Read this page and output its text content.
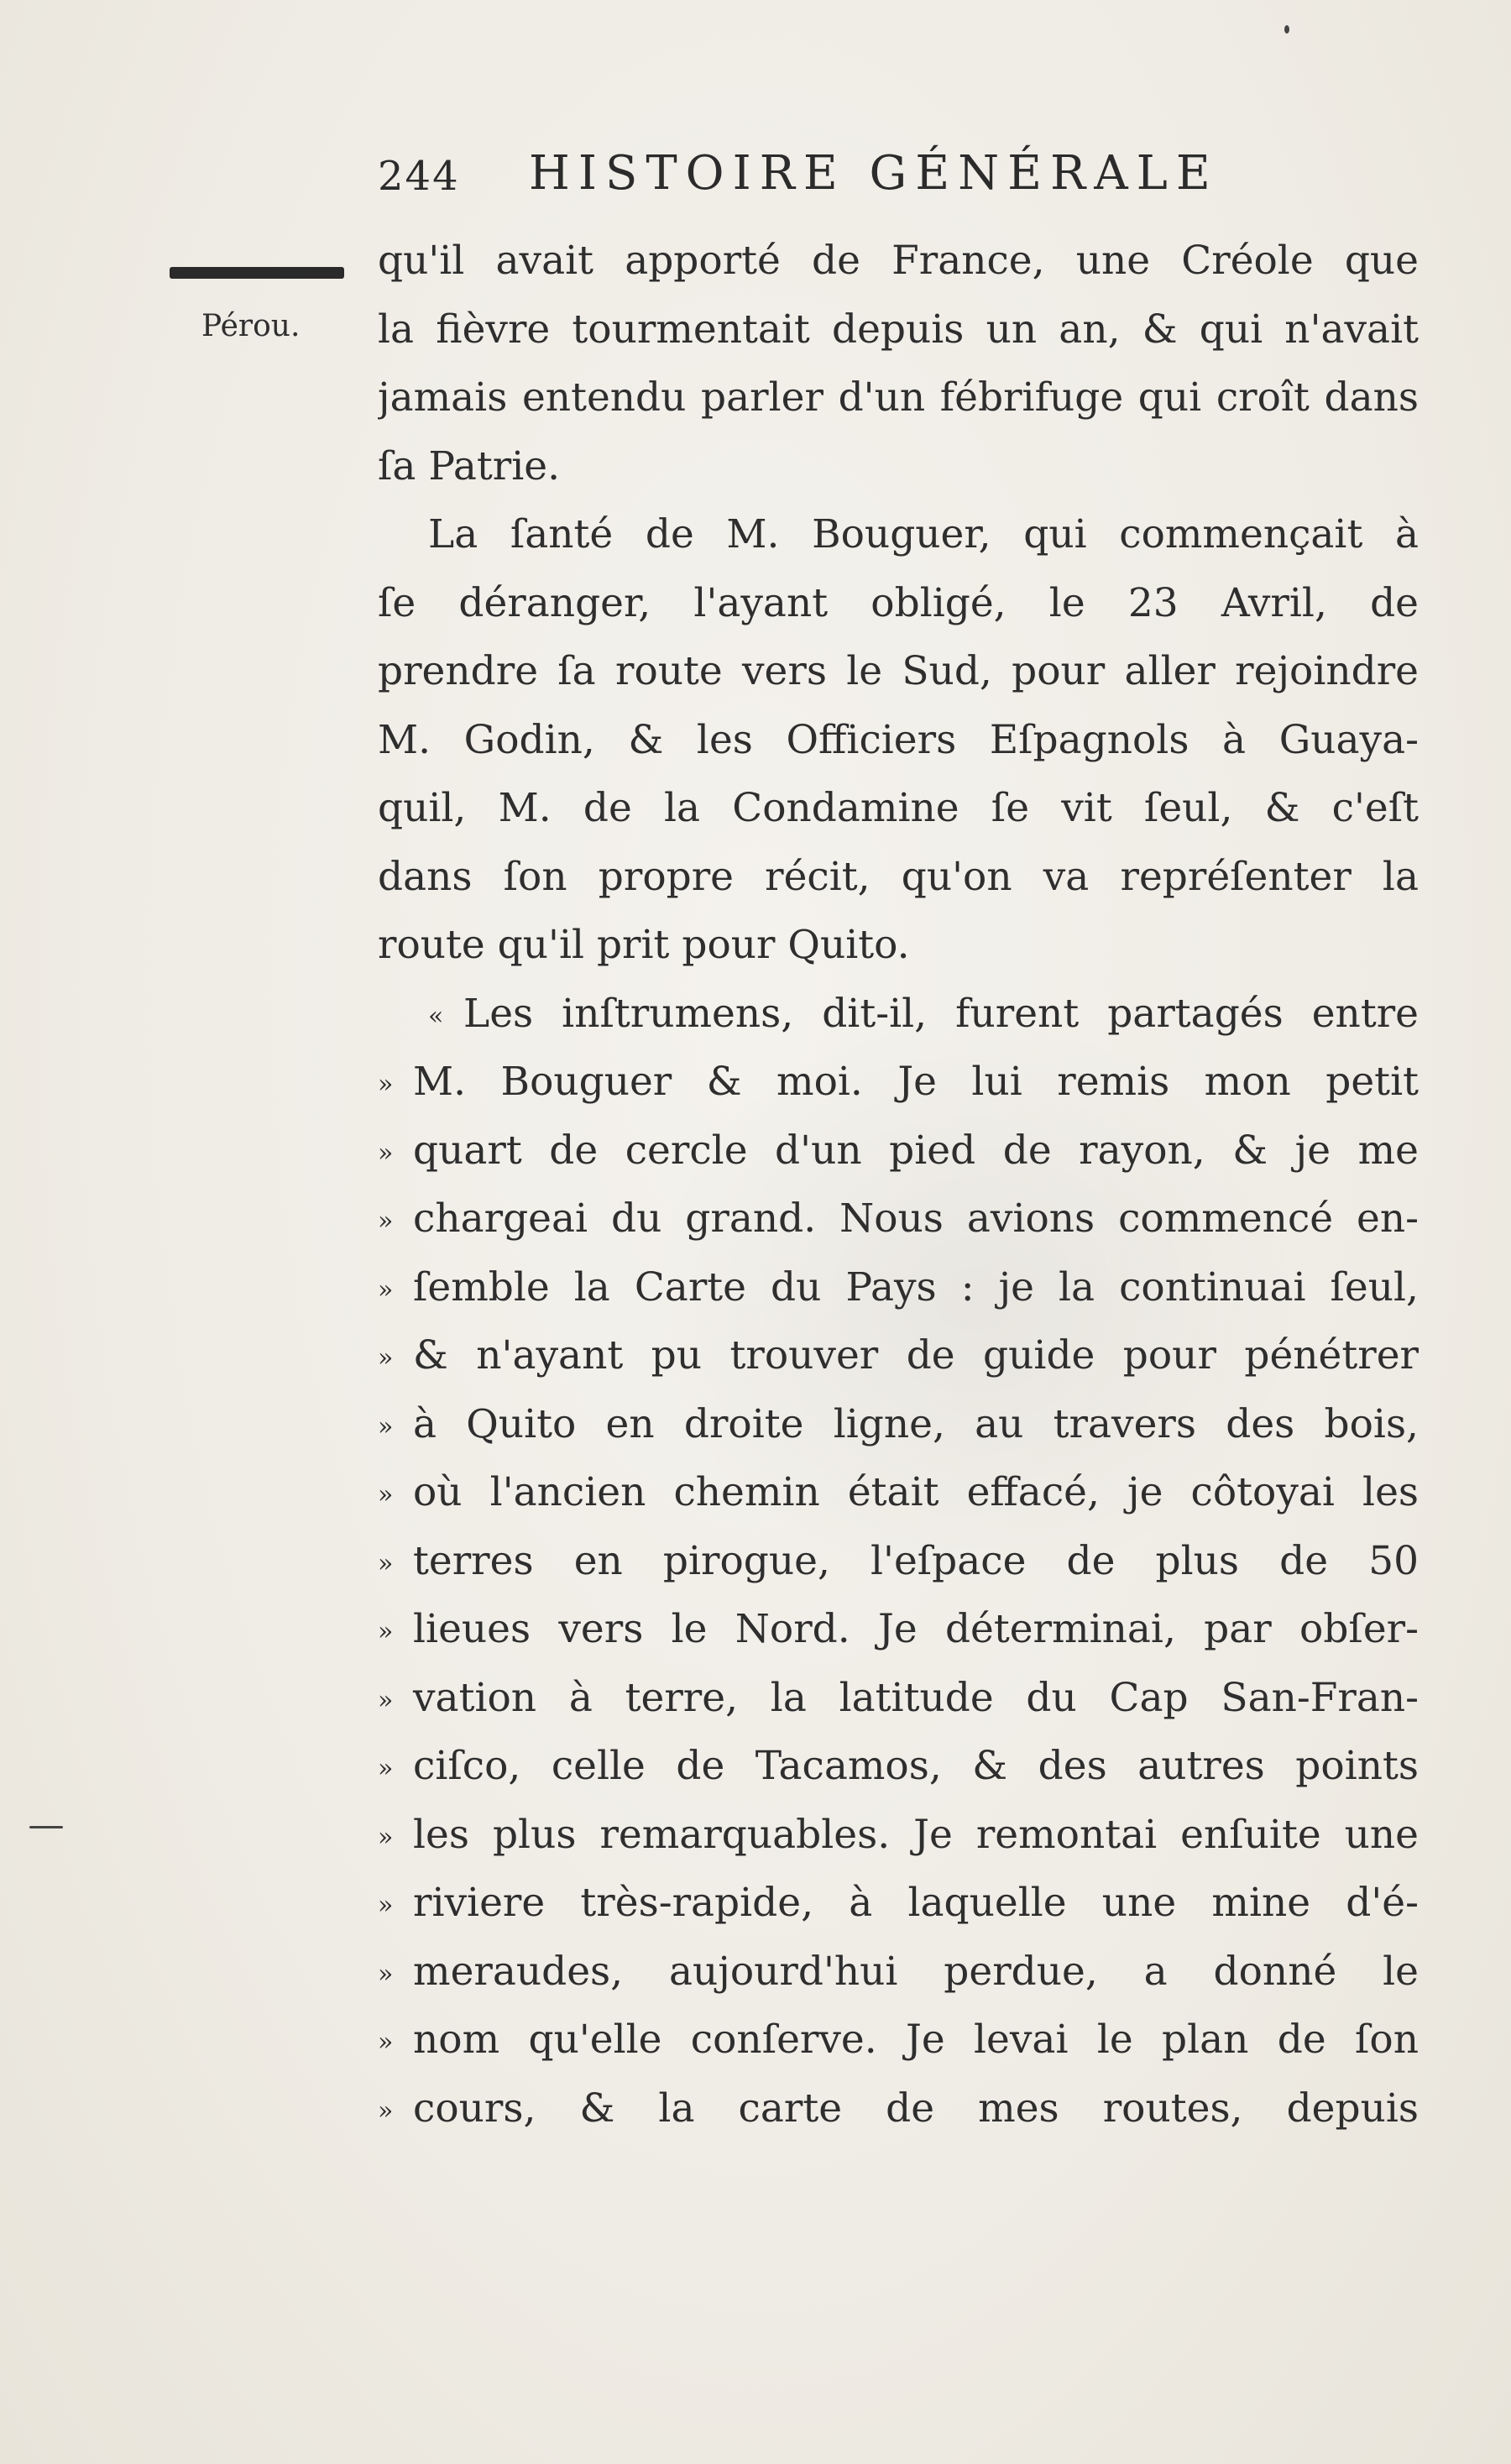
244 HISTOIRE GÉNÉRALE
Pérou.
qu'il avait apporté de France, une Créole que
la fièvre tourmentait depuis un an, & qui n'avait
jamais entendu parler d'un fébrifuge qui croît dans
ſa Patrie.
La ſanté de M. Bouguer, qui commençait à
ſe déranger, l'ayant obligé, le 23 Avril, de
prendre ſa route vers le Sud, pour aller rejoindre
M. Godin, & les Officiers Eſpagnols à Guaya-
quil, M. de la Condamine ſe vit ſeul, & c'eſt
dans ſon propre récit, qu'on va repréſenter la
route qu'il prit pour Quito.
« Les inſtrumens, dit-il, furent partagés entre
» M. Bouguer & moi. Je lui remis mon petit
» quart de cercle d'un pied de rayon, & je me
» chargeai du grand. Nous avions commencé en-
» ſemble la Carte du Pays : je la continuai ſeul,
» & n'ayant pu trouver de guide pour pénétrer
» à Quito en droite ligne, au travers des bois,
» où l'ancien chemin était effacé, je côtoyai les
» terres en pirogue, l'eſpace de plus de 50
» lieues vers le Nord. Je déterminai, par obſer-
» vation à terre, la latitude du Cap San-Fran-
» ciſco, celle de Tacamos, & des autres points
» les plus remarquables. Je remontai enſuite une
» riviere très-rapide, à laquelle une mine d'é-
» meraudes, aujourd'hui perdue, a donné le
» nom qu'elle conſerve. Je levai le plan de ſon
» cours, & la carte de mes routes, depuis
